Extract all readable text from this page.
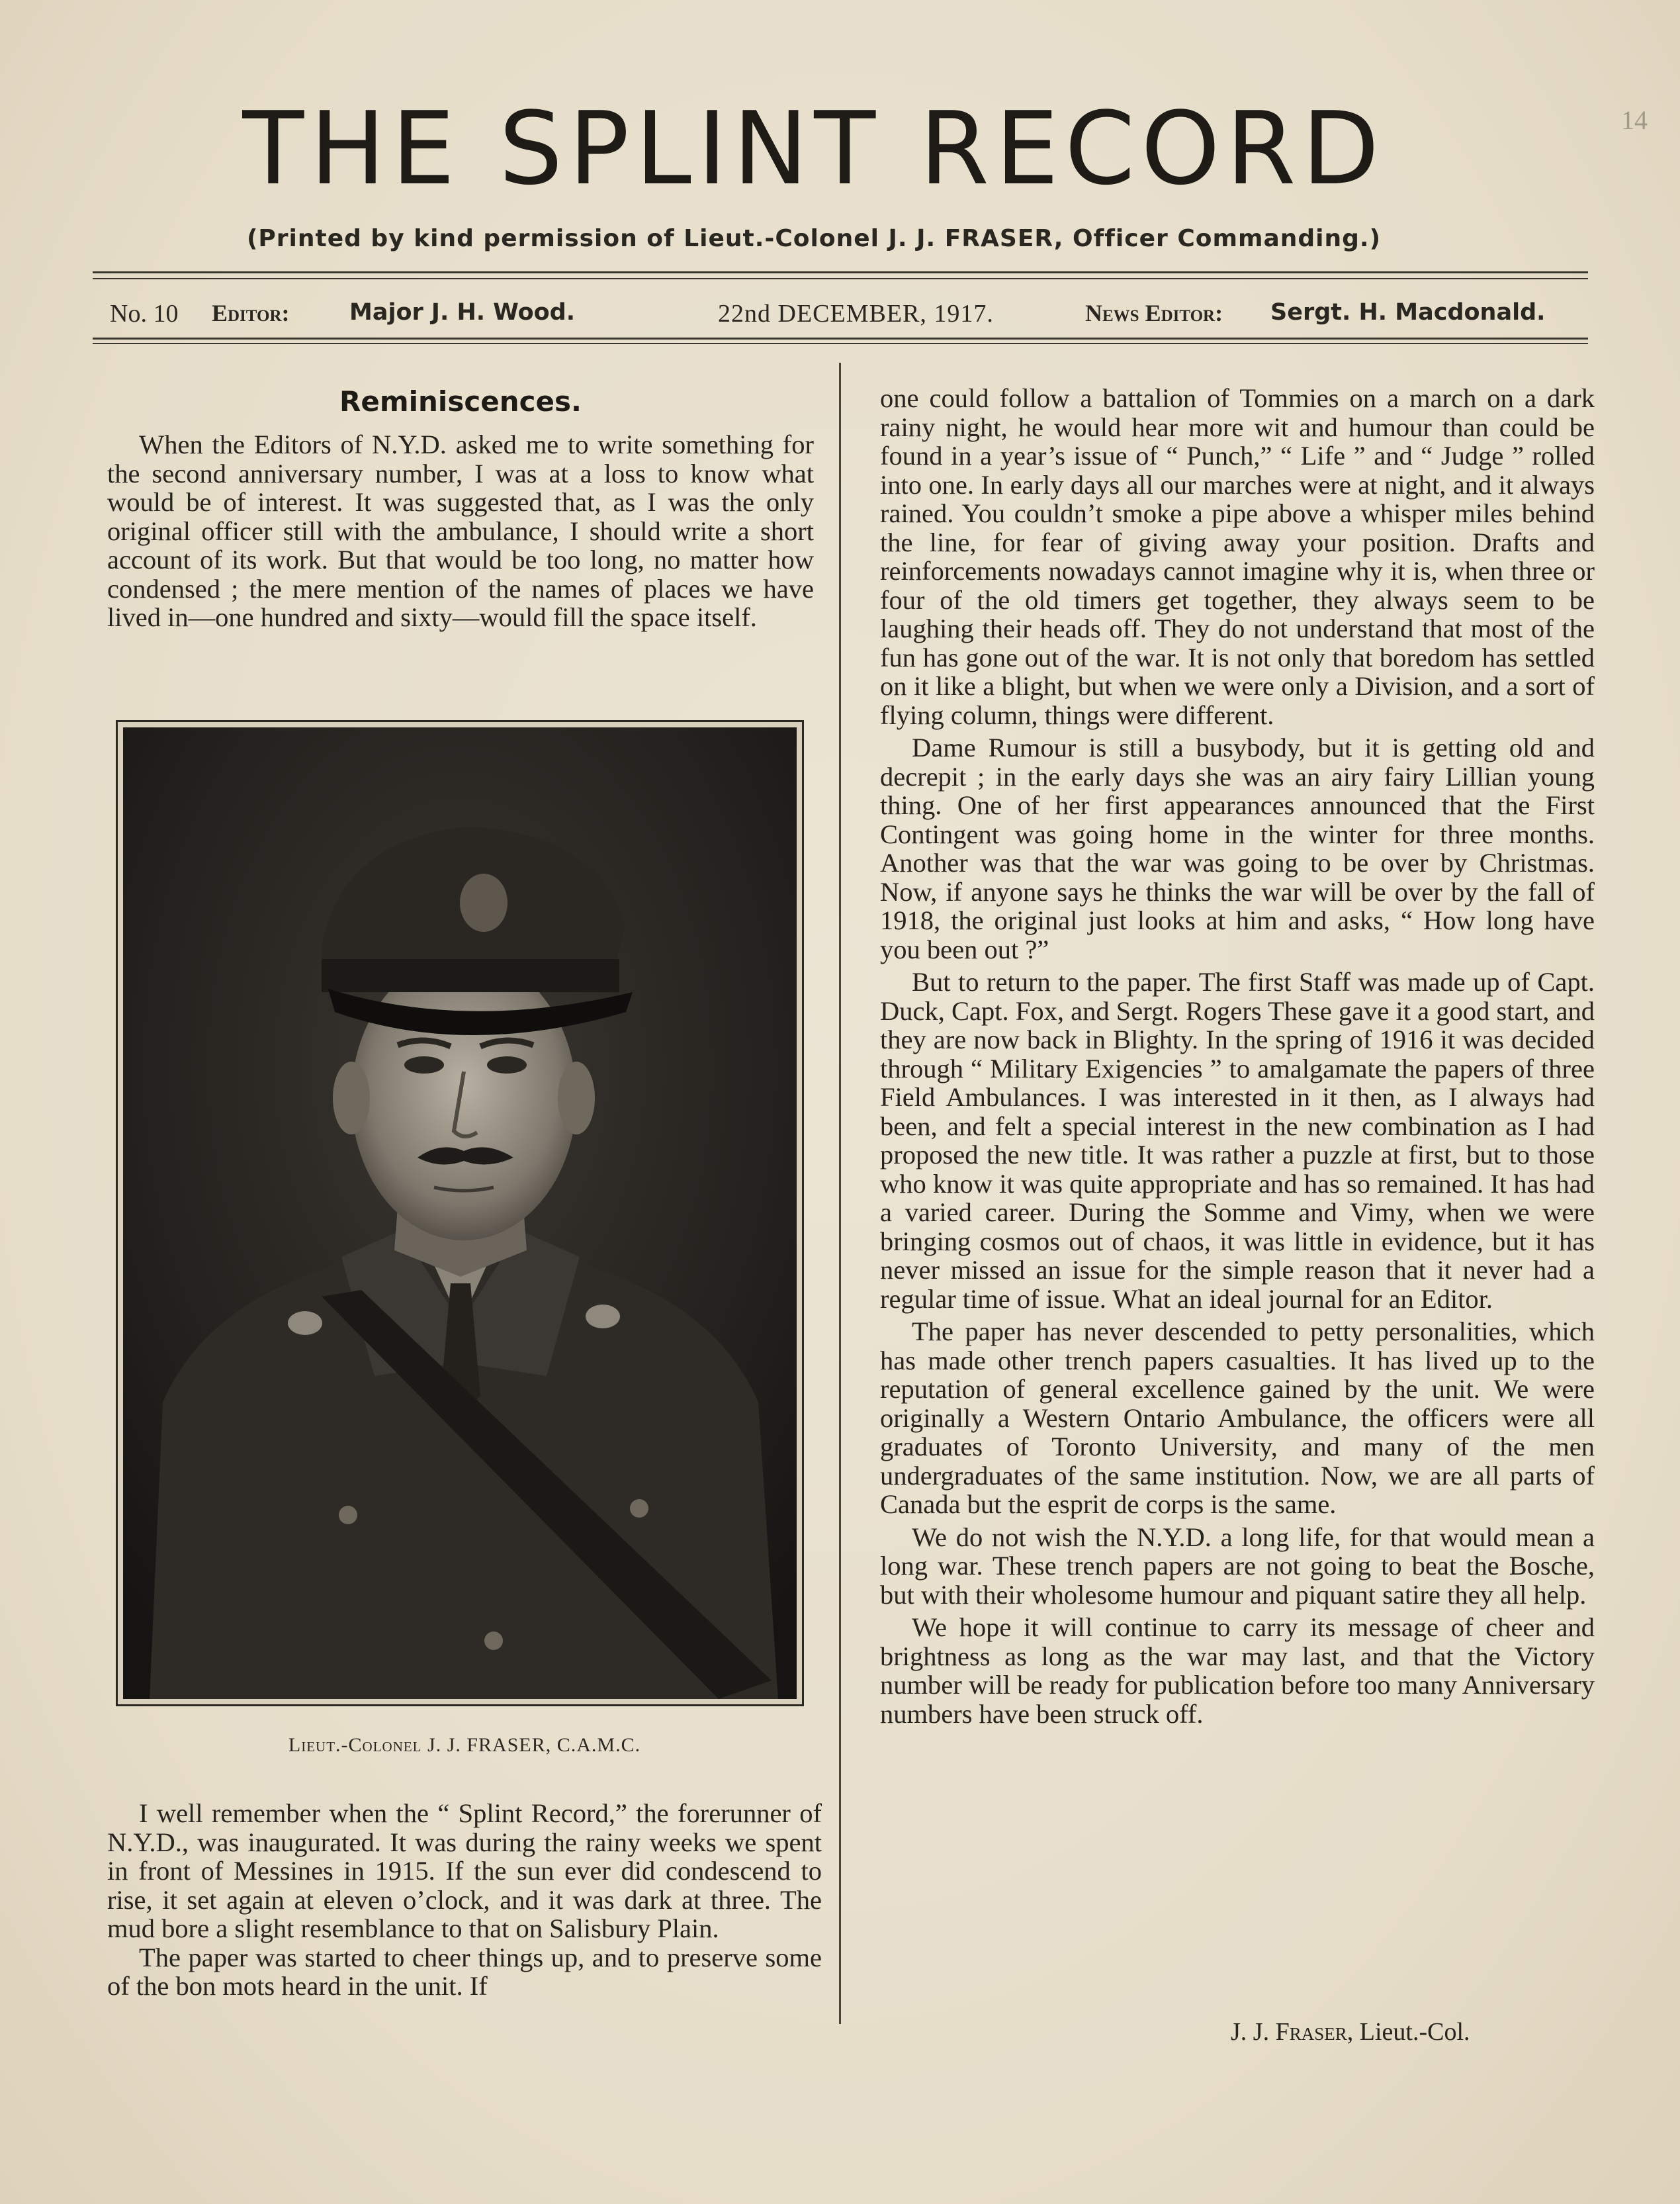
14
THE SPLINT RECORD
(Printed by kind permission of Lieut.-Colonel J. J. FRASER, Officer Commanding.)
No. 10 Editor:	Major J. H. Wood.	22nd DECEMBER, 1917.	News Editor: Sergt. H. Macdonald.
Reminiscences.

When the Editors of N.Y.D. asked me to write something for the second anniversary number, I was at a loss to know what would be of interest. It was suggested that, as I was the only original officer still with the ambulance, I should write a short account of its work. But that would be too long, no matter how condensed ; the mere mention of the names of places we have lived in—one hundred and sixty—would fill the space itself.

Lieut.-Colonel J. J. FRASER, C.A.M.C.

I well remember when the “ Splint Record,” the forerunner of N.Y.D., was inaugurated. It was during the rainy weeks we spent in front of Messines in 1915. If the sun ever did condescend to rise, it set again at eleven o’clock, and it was dark at three. The mud bore a slight resemblance to that on Salisbury Plain.

The paper was started to cheer things up, and to preserve some of the bon mots heard in the unit. If

one could follow a battalion of Tommies on a march on a dark rainy night, he would hear more wit and humour than could be found in a year’s issue of “ Punch,” “ Life ” and “ Judge ” rolled into one. In early days all our marches were at night, and it always rained. You couldn’t smoke a pipe above a whisper miles behind the line, for fear of giving away your position. Drafts and reinforcements nowadays cannot imagine why it is, when three or four of the old timers get together, they always seem to be laughing their heads off. They do not understand that most of the fun has gone out of the war. It is not only that boredom has settled on it like a blight, but when we were only a Division, and a sort of flying column, things were different.

Dame Rumour is still a busybody, but it is getting old and decrepit ; in the early days she was an airy fairy Lillian young thing. One of her first appearances announced that the First Contingent was going home in the winter for three months. Another was that the war was going to be over by Christmas. Now, if anyone says he thinks the war will be over by the fall of 1918, the original just looks at him and asks, “ How long have you been out ?”

But to return to the paper. The first Staff was made up of Capt. Duck, Capt. Fox, and Sergt. Rogers These gave it a good start, and they are now back in Blighty. In the spring of 1916 it was decided through “ Military Exigencies ” to amalgamate the papers of three Field Ambulances. I was interested in it then, as I always had been, and felt a special interest in the new combination as I had proposed the new title. It was rather a puzzle at first, but to those who know it was quite appropriate and has so remained. It has had a varied career. During the Somme and Vimy, when we were bringing cosmos out of chaos, it was little in evidence, but it has never missed an issue for the simple reason that it never had a regular time of issue. What an ideal journal for an Editor.

The paper has never descended to petty personalities, which has made other trench papers casualties. It has lived up to the reputation of general excellence gained by the unit. We were originally a Western Ontario Ambulance, the officers were all graduates of Toronto University, and many of the men undergraduates of the same institution. Now, we are all parts of Canada but the esprit de corps is the same.

We do not wish the N.Y.D. a long life, for that would mean a long war. These trench papers are not going to beat the Bosche, but with their wholesome humour and piquant satire they all help.

We hope it will continue to carry its message of cheer and brightness as long as the war may last, and that the Victory number will be ready for publication before too many Anniversary numbers have been struck off.

J. J. Fraser, Lieut.-Col.
